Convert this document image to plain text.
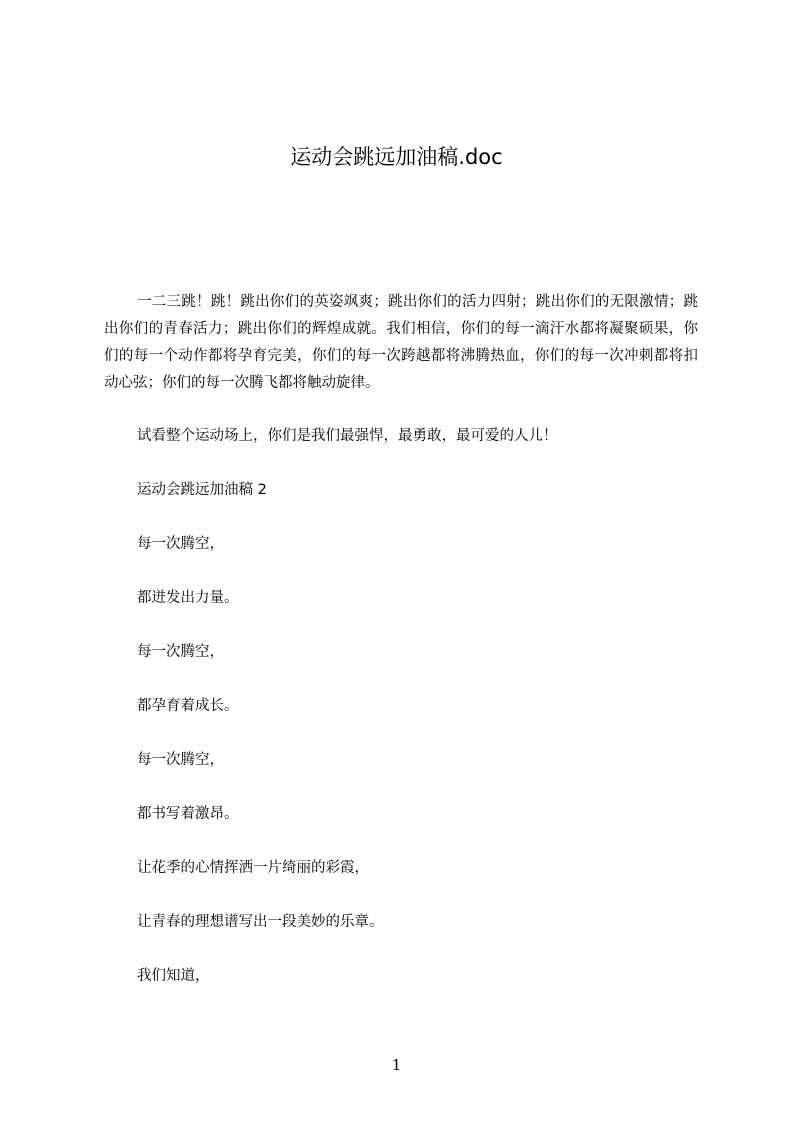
运动会跳远加油稿.doc

一二三跳！跳！跳出你们的英姿飒爽；跳出你们的活力四射；跳出你们的无限激情；跳出你们的青春活力；跳出你们的辉煌成就。我们相信，你们的每一滴汗水都将凝聚硕果，你们的每一个动作都将孕育完美，你们的每一次跨越都将沸腾热血，你们的每一次冲刺都将扣动心弦；你们的每一次腾飞都将触动旋律。

试看整个运动场上，你们是我们最强悍，最勇敢，最可爱的人儿！

运动会跳远加油稿 2

每一次腾空，

都迸发出力量。

每一次腾空，

都孕育着成长。

每一次腾空，

都书写着激昂。

让花季的心情挥洒一片绮丽的彩霞，

让青春的理想谱写出一段美妙的乐章。

我们知道，

1
